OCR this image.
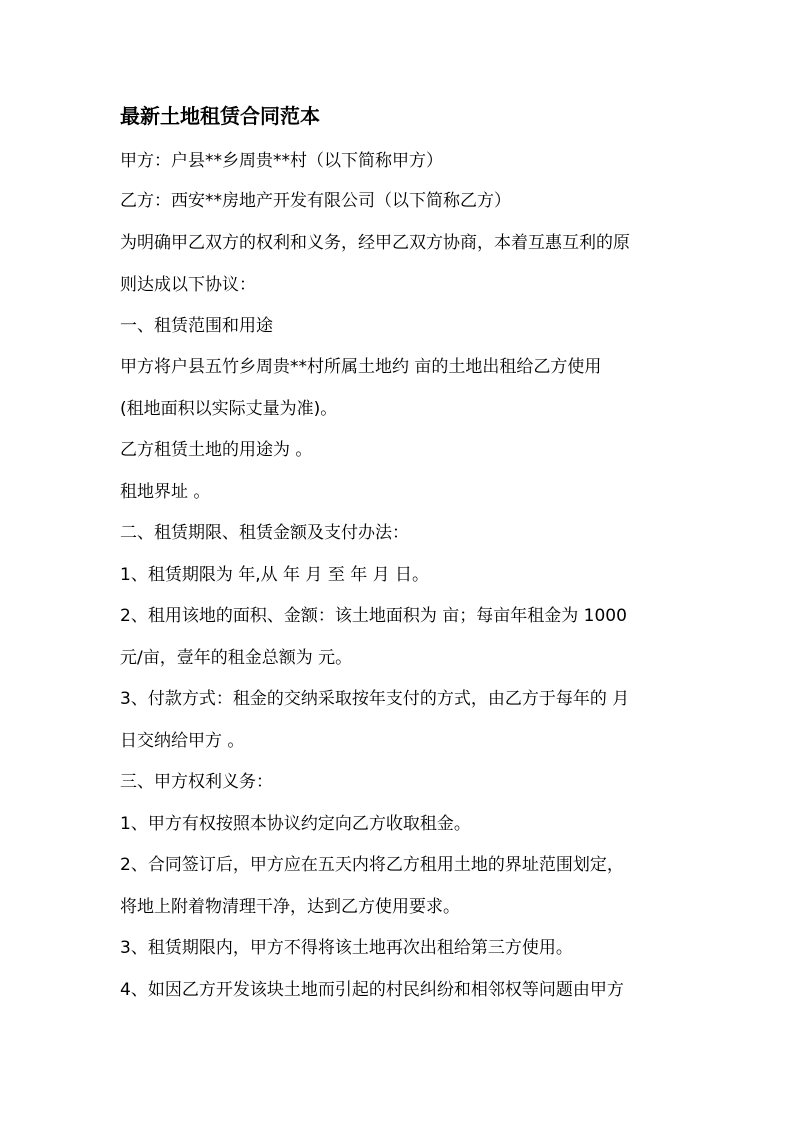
最新土地租赁合同范本
甲方：户县**乡周贵**村（以下简称甲方）
乙方：西安**房地产开发有限公司（以下简称乙方）
为明确甲乙双方的权利和义务，经甲乙双方协商，本着互惠互利的原
则达成以下协议：
一、租赁范围和用途
甲方将户县五竹乡周贵**村所属土地约 亩的土地出租给乙方使用
(租地面积以实际丈量为准)。
乙方租赁土地的用途为 。
租地界址 。
二、租赁期限、租赁金额及支付办法：
1、租赁期限为 年,从 年 月 至 年 月 日。
2、租用该地的面积、金额：该土地面积为 亩；每亩年租金为 1000
元/亩，壹年的租金总额为 元。
3、付款方式：租金的交纳采取按年支付的方式，由乙方于每年的 月
日交纳给甲方 。
三、甲方权利义务：
1、甲方有权按照本协议约定向乙方收取租金。
2、合同签订后，甲方应在五天内将乙方租用土地的界址范围划定，
将地上附着物清理干净，达到乙方使用要求。
3、租赁期限内，甲方不得将该土地再次出租给第三方使用。
4、如因乙方开发该块土地而引起的村民纠纷和相邻权等问题由甲方
